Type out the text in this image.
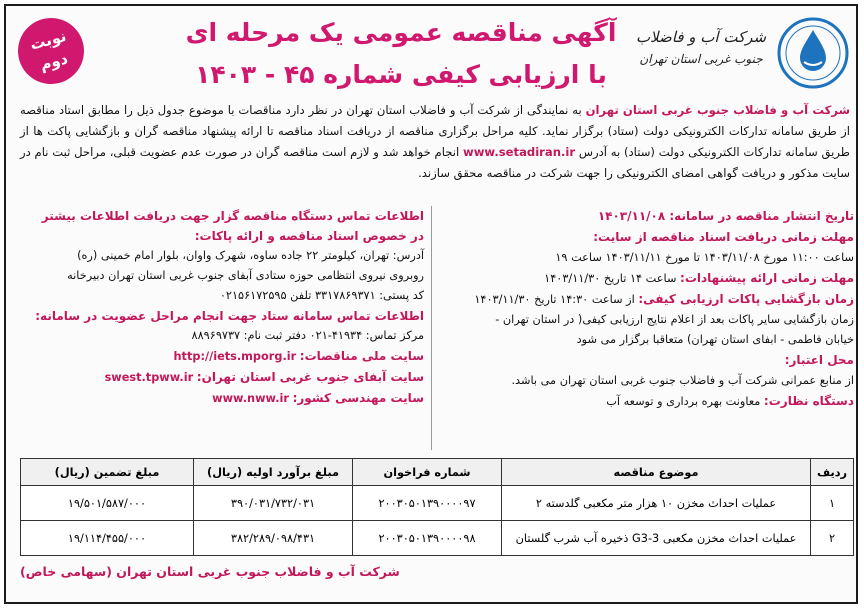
نوبت
دوم
آگهی مناقصه عمومی یک مرحله ای
با ارزیابی کیفی شماره ۴۵ - ۱۴۰۳
شرکت آب و فاضلاب
جنوب غربی استان تهران
شرکت آب و فاضلاب جنوب غربی استان تهران به نمایندگی از شرکت آب و فاضلاب استان تهران در نظر دارد مناقصات با موضوع جدول ذیل را مطابق استاد مناقصه از طریق سامانه تدارکات الکترونیکی دولت (ستاد) برگزار نماید. کلیه مراحل برگزاری مناقصه از دریافت اسناد مناقصه تا ارائه پیشنهاد مناقصه گران و بازگشایی پاکت ها از طریق سامانه تدارکات الکترونیکی دولت (ستاد) به آدرس www.setadiran.ir انجام خواهد شد و لازم است مناقصه گران در صورت عدم عضویت قبلی، مراحل ثبت نام در سایت مذکور و دریافت گواهی امضای الکترونیکی را جهت شرکت در مناقصه محقق سازند.
تاریخ انتشار مناقصه در سامانه: ۱۴۰۳/۱۱/۰۸
مهلت زمانی دریافت اسناد مناقصه از سایت:
ساعت ۱۱:۰۰ مورخ ۱۴۰۳/۱۱/۰۸ تا مورخ ۱۴۰۳/۱۱/۱۱ ساعت ۱۹
مهلت زمانی ارائه پیشنهادات: ساعت ۱۴ تاریخ ۱۴۰۳/۱۱/۳۰
زمان بازگشایی پاکات ارزیابی کیفی: از ساعت ۱۴:۳۰ تاریخ ۱۴۰۳/۱۱/۳۰
زمان بازگشایی سایر پاکات بعد از اعلام نتایج ارزیابی کیفی( در استان تهران -
خیابان فاطمی - ابفای استان تهران) متعاقبا برگزار می شود
محل اعتبار:
از منابع عمرانی شرکت آب و فاضلاب جنوب غربی استان تهران می باشد.
دستگاه نظارت: معاونت بهره برداری و توسعه آب
اطلاعات تماس دستگاه مناقصه گزار جهت دریافت اطلاعات بیشتر
در خصوص اسناد مناقصه و ارائه پاکات:
آدرس: تهران، کیلومتر ۲۲ جاده ساوه، شهرک واوان، بلوار امام خمینی (ره)
روبروی نیروی انتظامی حوزه ستادی آبفای جنوب غربی استان تهران دبیرخانه
کد پستی: ۳۳۱۷۸۶۹۳۷۱ تلفن ۰۲۱۵۶۱۷۲۵۹۵
اطلاعات تماس سامانه ستاد جهت انجام مراحل عضویت در سامانه:
مرکز تماس: ۴۱۹۳۴-۰۲۱ دفتر ثبت نام: ۸۸۹۶۹۷۳۷
سایت ملی مناقصات: http://iets.mporg.ir
سایت آبفای جنوب غربی استان تهران: swest.tpww.ir
سایت مهندسی کشور: www.nww.ir
ردیف	موضوع مناقصه	شماره فراخوان	مبلغ برآورد اولیه (ریال)	مبلغ تضمین (ریال)
۱	عملیات احداث مخزن ۱۰ هزار متر مکعبی گلدسته ۲	۲۰۰۳۰۵۰۱۳۹۰۰۰۰۹۷	۳۹۰/۰۳۱/۷۳۲/۰۳۱	۱۹/۵۰۱/۵۸۷/۰۰۰
۲	عملیات احداث مخزن مکعبی G3-3 ذخیره آب شرب گلستان	۲۰۰۳۰۵۰۱۳۹۰۰۰۰۹۸	۳۸۲/۲۸۹/۰۹۸/۴۳۱	۱۹/۱۱۴/۴۵۵/۰۰۰
شرکت آب و فاضلاب جنوب غربی استان تهران (سهامی خاص)
